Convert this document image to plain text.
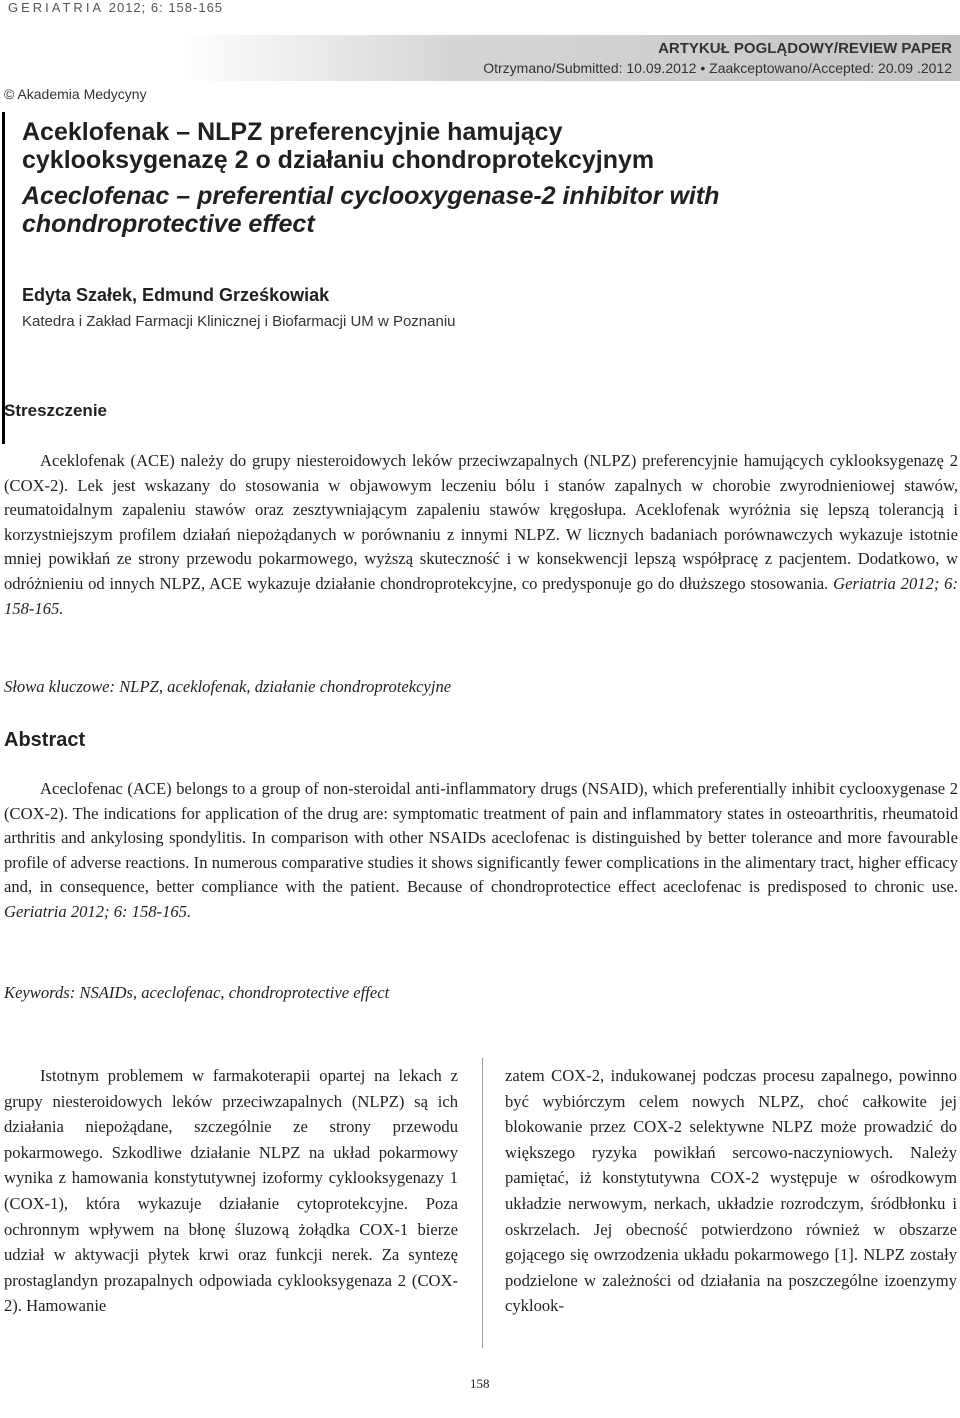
GERIATRIA 2012; 6: 158-165
ARTYKUŁ POGLĄDOWY/REVIEW PAPER
Otrzymano/Submitted: 10.09.2012 • Zaakceptowano/Accepted: 20.09 .2012
© Akademia Medycyny
Aceklofenak – NLPZ preferencyjnie hamujący
cyklooksygenazę 2 o działaniu chondroprotekcyjnym
Aceclofenac – preferential cyclooxygenase-2 inhibitor with
chondroprotective effect
Edyta Szałek, Edmund Grześkowiak
Katedra i Zakład Farmacji Klinicznej i Biofarmacji UM w Poznaniu
Streszczenie
Aceklofenak (ACE) należy do grupy niesteroidowych leków przeciwzapalnych (NLPZ) preferencyjnie hamujących cyklooksygenazę 2 (COX-2). Lek jest wskazany do stosowania w objawowym leczeniu bólu i stanów zapalnych w chorobie zwyrodnieniowej stawów, reumatoidalnym zapaleniu stawów oraz zesztywniającym zapaleniu stawów kręgosłupa. Aceklofenak wyróżnia się lepszą tolerancją i korzystniejszym profilem działań niepożądanych w porównaniu z innymi NLPZ. W licznych badaniach porównawczych wykazuje istotnie mniej powikłań ze strony przewodu pokarmowego, wyższą skuteczność i w konsekwencji lepszą współpracę z pacjentem. Dodatkowo, w odróżnieniu od innych NLPZ, ACE wykazuje działanie chondroprotekcyjne, co predysponuje go do dłuższego stosowania. Geriatria 2012; 6: 158-165.
Słowa kluczowe: NLPZ, aceklofenak, działanie chondroprotekcyjne
Abstract
Aceclofenac (ACE) belongs to a group of non-steroidal anti-inflammatory drugs (NSAID), which preferentially inhibit cyclooxygenase 2 (COX-2). The indications for application of the drug are: symptomatic treatment of pain and inflammatory states in osteoarthritis, rheumatoid arthritis and ankylosing spondylitis. In comparison with other NSAIDs aceclofenac is distinguished by better tolerance and more favourable profile of adverse reactions. In numerous comparative studies it shows significantly fewer complications in the alimentary tract, higher efficacy and, in consequence, better compliance with the patient. Because of chondroprotectice effect aceclofenac is predisposed to chronic use. Geriatria 2012; 6: 158-165.
Keywords: NSAIDs, aceclofenac, chondroprotective effect
Istotnym problemem w farmakoterapii opartej na lekach z grupy niesteroidowych leków przeciwzapalnych (NLPZ) są ich działania niepożądane, szczególnie ze strony przewodu pokarmowego. Szkodliwe działanie NLPZ na układ pokarmowy wynika z hamowania konstytutywnej izoformy cyklooksygenazy 1 (COX-1), która wykazuje działanie cytoprotekcyjne. Poza ochronnym wpływem na błonę śluzową żołądka COX-1 bierze udział w aktywacji płytek krwi oraz funkcji nerek. Za syntezę prostaglandyn prozapalnych odpowiada cyklooksygenaza 2 (COX-2). Hamowanie
zatem COX-2, indukowanej podczas procesu zapalnego, powinno być wybiórczym celem nowych NLPZ, choć całkowite jej blokowanie przez COX-2 selektywne NLPZ może prowadzić do większego ryzyka powikłań sercowo-naczyniowych. Należy pamiętać, iż konstytutywna COX-2 występuje w ośrodkowym układzie nerwowym, nerkach, układzie rozrodczym, śródbłonku i oskrzelach. Jej obecność potwierdzono również w obszarze gojącego się owrzodzenia układu pokarmowego [1]. NLPZ zostały podzielone w zależności od działania na poszczególne izoenzymy cyklook-
158
